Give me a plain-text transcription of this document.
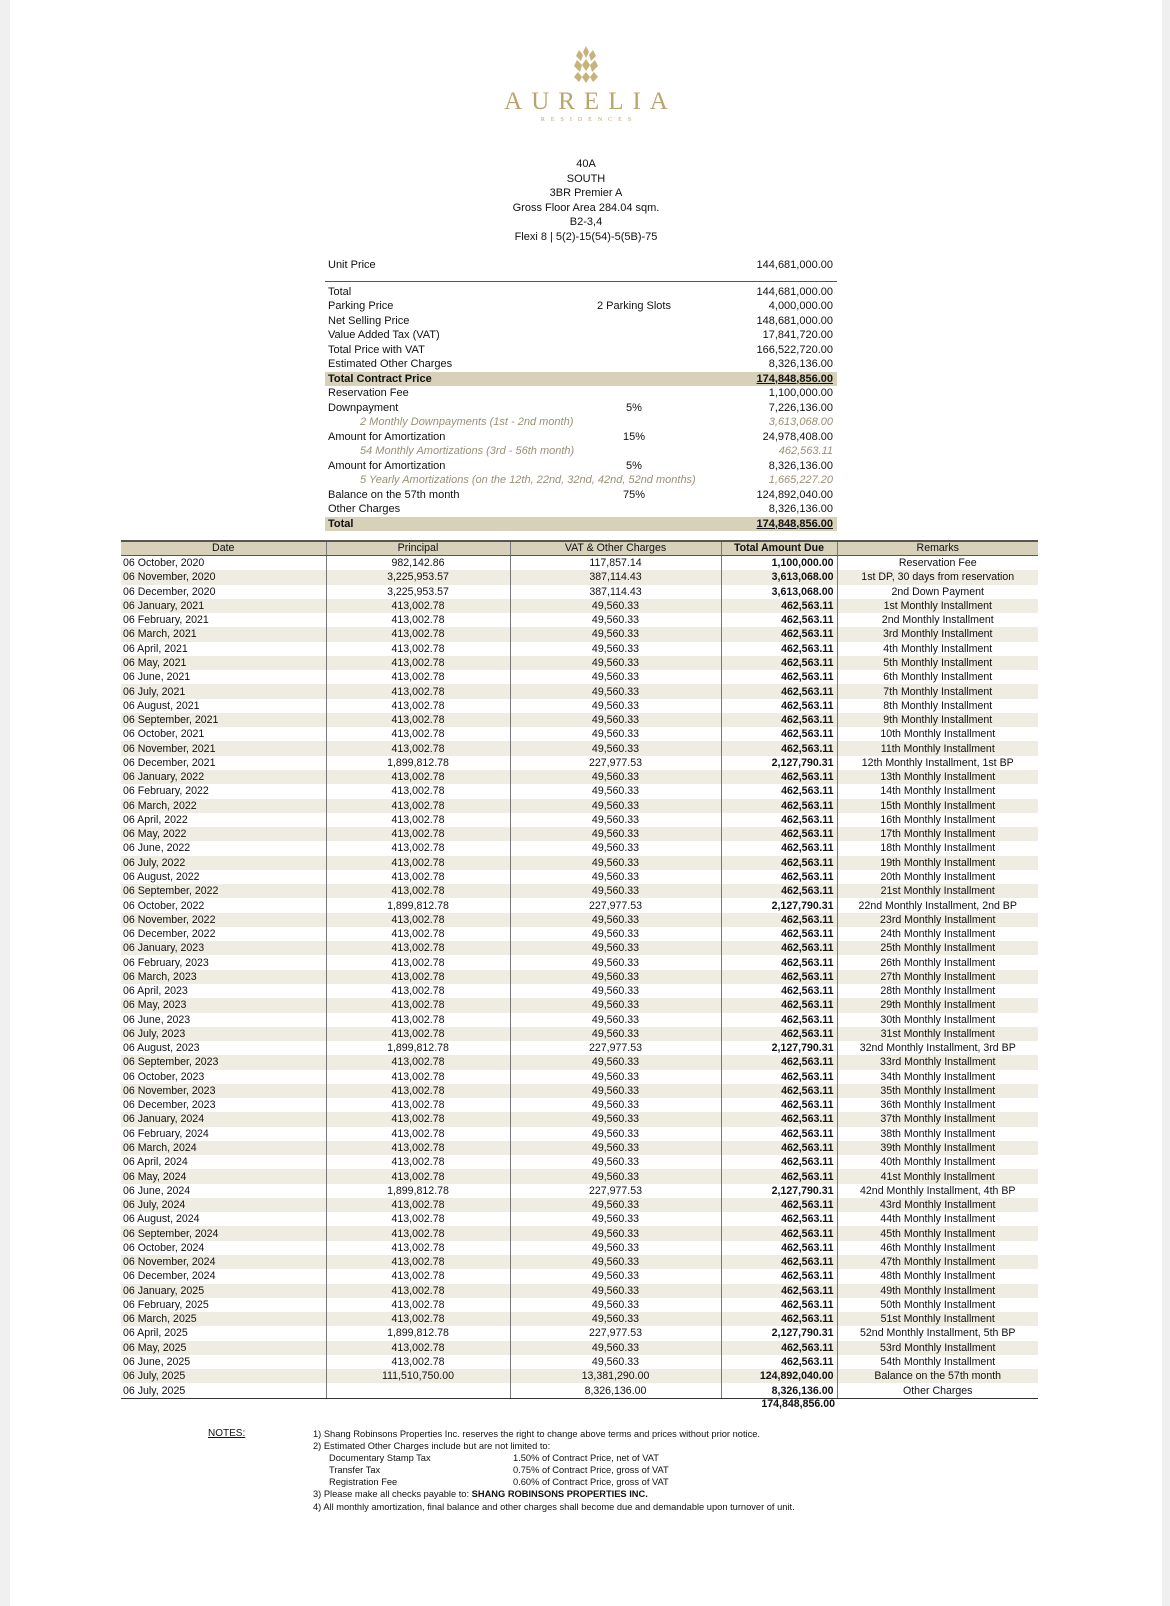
AURELIA
RESIDENCES
40A
SOUTH
3BR Premier A
Gross Floor Area 284.04 sqm.
B2-3,4
Flexi 8 | 5(2)-15(54)-5(5B)-75
Unit Price	144,681,000.00
Total	144,681,000.00
Parking Price	2 Parking Slots	4,000,000.00
Net Selling Price	148,681,000.00
Value Added Tax (VAT)	17,841,720.00
Total Price with VAT	166,522,720.00
Estimated Other Charges	8,326,136.00
Total Contract Price	174,848,856.00
Reservation Fee	1,100,000.00
Downpayment	5%	7,226,136.00
2 Monthly Downpayments (1st - 2nd month)	3,613,068.00
Amount for Amortization	15%	24,978,408.00
54 Monthly Amortizations (3rd - 56th month)	462,563.11
Amount for Amortization	5%	8,326,136.00
5 Yearly Amortizations (on the 12th, 22nd, 32nd, 42nd, 52nd months)	1,665,227.20
Balance on the 57th month	75%	124,892,040.00
Other Charges	8,326,136.00
Total	174,848,856.00
Date	Principal	VAT & Other Charges	Total Amount Due	Remarks
06 October, 2020	982,142.86	117,857.14	1,100,000.00	Reservation Fee
06 November, 2020	3,225,953.57	387,114.43	3,613,068.00	1st DP, 30 days from reservation
06 December, 2020	3,225,953.57	387,114.43	3,613,068.00	2nd Down Payment
06 January, 2021	413,002.78	49,560.33	462,563.11	1st Monthly Installment
06 February, 2021	413,002.78	49,560.33	462,563.11	2nd Monthly Installment
06 March, 2021	413,002.78	49,560.33	462,563.11	3rd Monthly Installment
06 April, 2021	413,002.78	49,560.33	462,563.11	4th Monthly Installment
06 May, 2021	413,002.78	49,560.33	462,563.11	5th Monthly Installment
06 June, 2021	413,002.78	49,560.33	462,563.11	6th Monthly Installment
06 July, 2021	413,002.78	49,560.33	462,563.11	7th Monthly Installment
06 August, 2021	413,002.78	49,560.33	462,563.11	8th Monthly Installment
06 September, 2021	413,002.78	49,560.33	462,563.11	9th Monthly Installment
06 October, 2021	413,002.78	49,560.33	462,563.11	10th Monthly Installment
06 November, 2021	413,002.78	49,560.33	462,563.11	11th Monthly Installment
06 December, 2021	1,899,812.78	227,977.53	2,127,790.31	12th Monthly Installment, 1st BP
06 January, 2022	413,002.78	49,560.33	462,563.11	13th Monthly Installment
06 February, 2022	413,002.78	49,560.33	462,563.11	14th Monthly Installment
06 March, 2022	413,002.78	49,560.33	462,563.11	15th Monthly Installment
06 April, 2022	413,002.78	49,560.33	462,563.11	16th Monthly Installment
06 May, 2022	413,002.78	49,560.33	462,563.11	17th Monthly Installment
06 June, 2022	413,002.78	49,560.33	462,563.11	18th Monthly Installment
06 July, 2022	413,002.78	49,560.33	462,563.11	19th Monthly Installment
06 August, 2022	413,002.78	49,560.33	462,563.11	20th Monthly Installment
06 September, 2022	413,002.78	49,560.33	462,563.11	21st Monthly Installment
06 October, 2022	1,899,812.78	227,977.53	2,127,790.31	22nd Monthly Installment, 2nd BP
06 November, 2022	413,002.78	49,560.33	462,563.11	23rd Monthly Installment
06 December, 2022	413,002.78	49,560.33	462,563.11	24th Monthly Installment
06 January, 2023	413,002.78	49,560.33	462,563.11	25th Monthly Installment
06 February, 2023	413,002.78	49,560.33	462,563.11	26th Monthly Installment
06 March, 2023	413,002.78	49,560.33	462,563.11	27th Monthly Installment
06 April, 2023	413,002.78	49,560.33	462,563.11	28th Monthly Installment
06 May, 2023	413,002.78	49,560.33	462,563.11	29th Monthly Installment
06 June, 2023	413,002.78	49,560.33	462,563.11	30th Monthly Installment
06 July, 2023	413,002.78	49,560.33	462,563.11	31st Monthly Installment
06 August, 2023	1,899,812.78	227,977.53	2,127,790.31	32nd Monthly Installment, 3rd BP
06 September, 2023	413,002.78	49,560.33	462,563.11	33rd Monthly Installment
06 October, 2023	413,002.78	49,560.33	462,563.11	34th Monthly Installment
06 November, 2023	413,002.78	49,560.33	462,563.11	35th Monthly Installment
06 December, 2023	413,002.78	49,560.33	462,563.11	36th Monthly Installment
06 January, 2024	413,002.78	49,560.33	462,563.11	37th Monthly Installment
06 February, 2024	413,002.78	49,560.33	462,563.11	38th Monthly Installment
06 March, 2024	413,002.78	49,560.33	462,563.11	39th Monthly Installment
06 April, 2024	413,002.78	49,560.33	462,563.11	40th Monthly Installment
06 May, 2024	413,002.78	49,560.33	462,563.11	41st Monthly Installment
06 June, 2024	1,899,812.78	227,977.53	2,127,790.31	42nd Monthly Installment, 4th BP
06 July, 2024	413,002.78	49,560.33	462,563.11	43rd Monthly Installment
06 August, 2024	413,002.78	49,560.33	462,563.11	44th Monthly Installment
06 September, 2024	413,002.78	49,560.33	462,563.11	45th Monthly Installment
06 October, 2024	413,002.78	49,560.33	462,563.11	46th Monthly Installment
06 November, 2024	413,002.78	49,560.33	462,563.11	47th Monthly Installment
06 December, 2024	413,002.78	49,560.33	462,563.11	48th Monthly Installment
06 January, 2025	413,002.78	49,560.33	462,563.11	49th Monthly Installment
06 February, 2025	413,002.78	49,560.33	462,563.11	50th Monthly Installment
06 March, 2025	413,002.78	49,560.33	462,563.11	51st Monthly Installment
06 April, 2025	1,899,812.78	227,977.53	2,127,790.31	52nd Monthly Installment, 5th BP
06 May, 2025	413,002.78	49,560.33	462,563.11	53rd Monthly Installment
06 June, 2025	413,002.78	49,560.33	462,563.11	54th Monthly Installment
06 July, 2025	111,510,750.00	13,381,290.00	124,892,040.00	Balance on the 57th month
06 July, 2025		8,326,136.00	8,326,136.00	Other Charges
174,848,856.00
NOTES:	1) Shang Robinsons Properties Inc. reserves the right to change above terms and prices without prior notice.
2) Estimated Other Charges include but are not limited to:
Documentary Stamp Tax	1.50% of Contract Price, net of VAT
Transfer Tax	0.75% of Contract Price, gross of VAT
Registration Fee	0.60% of Contract Price, gross of VAT
3) Please make all checks payable to: SHANG ROBINSONS PROPERTIES INC.
4) All monthly amortization, final balance and other charges shall become due and demandable upon turnover of unit.
